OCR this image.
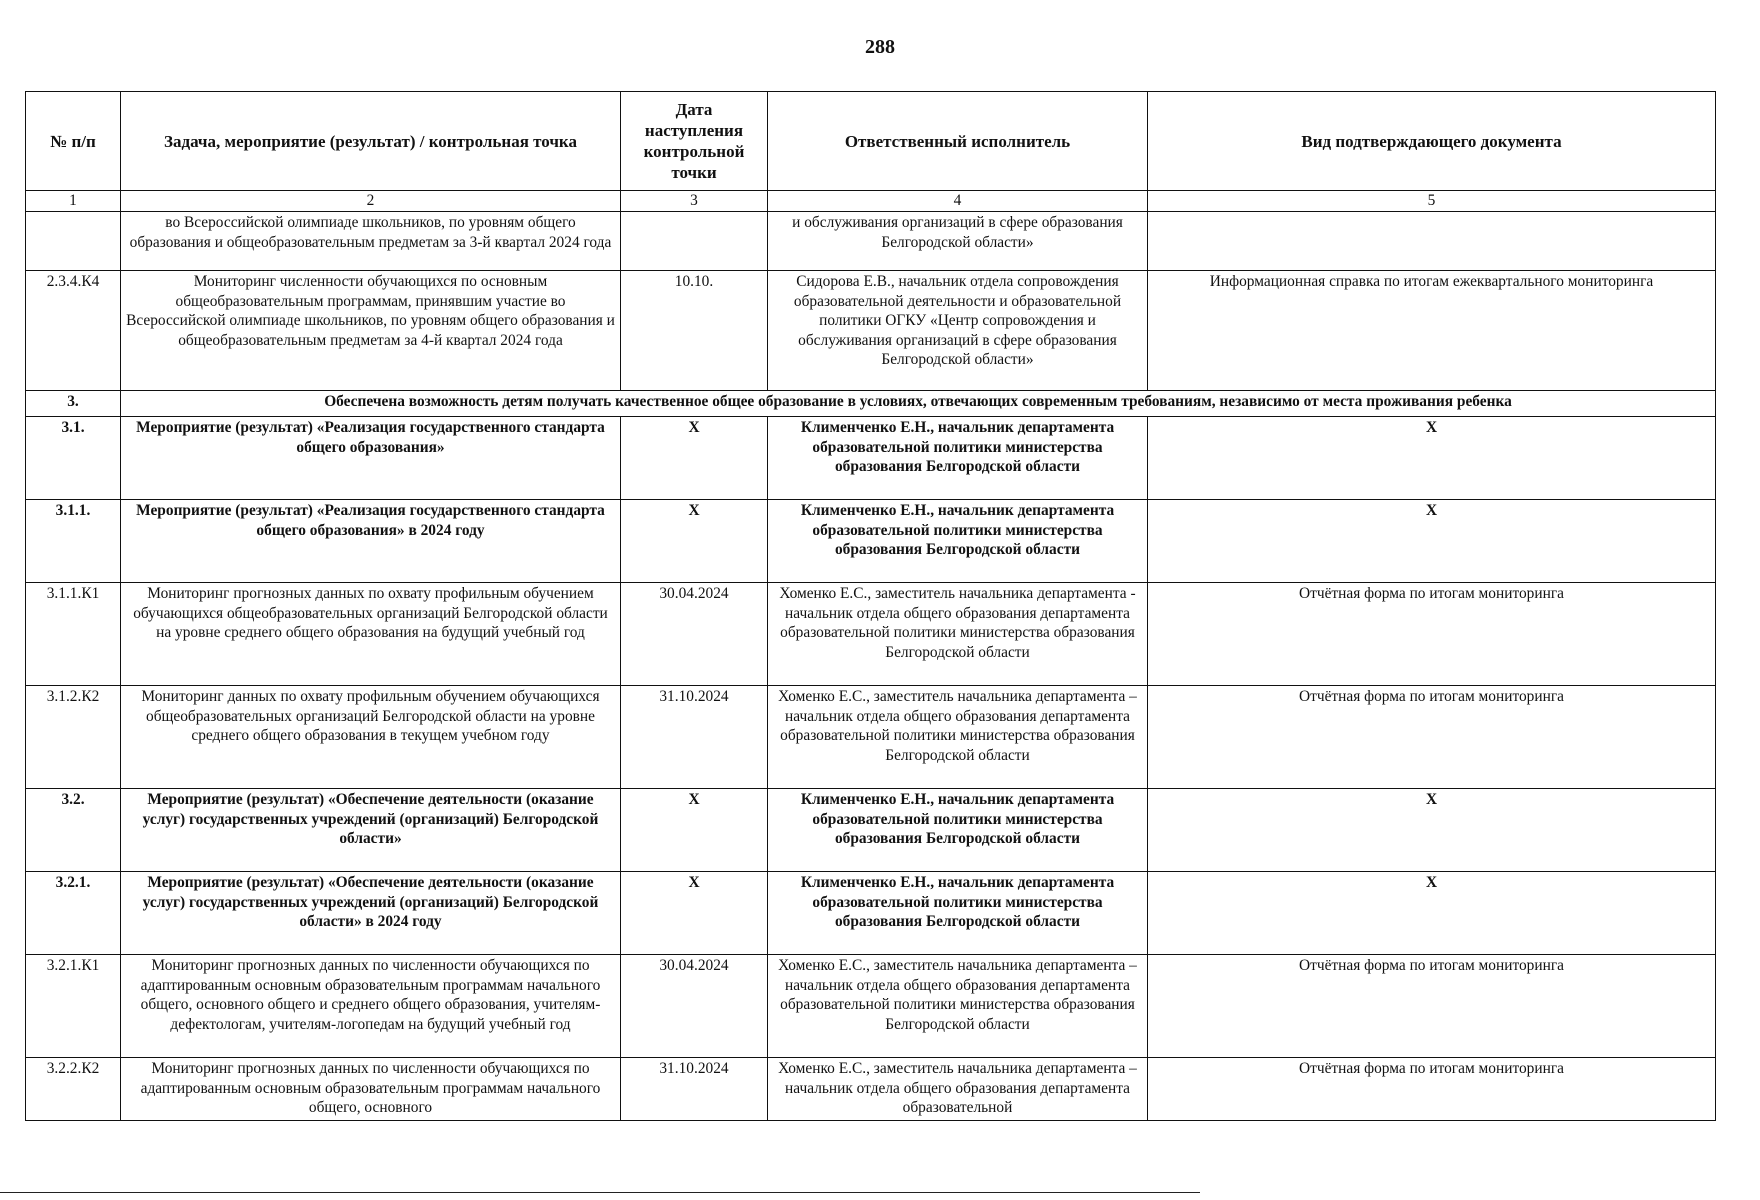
288
№ п/п	Задача, мероприятие (результат) / контрольная точка	Дата наступления контрольной точки	Ответственный исполнитель	Вид подтверждающего документа
1	2	3	4	5
	во Всероссийской олимпиаде школьников, по уровням общего образования и общеобразовательным предметам за 3-й квартал 2024 года		и обслуживания организаций в сфере образования Белгородской области»	
2.3.4.К4	Мониторинг численности обучающихся по основным общеобразовательным программам, принявшим участие во Всероссийской олимпиаде школьников, по уровням общего образования и общеобразовательным предметам за 4-й квартал 2024 года	10.10.	Сидорова Е.В., начальник отдела сопровождения образовательной деятельности и образовательной политики ОГКУ «Центр сопровождения и обслуживания организаций в сфере образования Белгородской области»	Информационная справка по итогам ежеквартального мониторинга
3.	Обеспечена возможность детям получать качественное общее образование в условиях, отвечающих современным требованиям, независимо от места проживания ребенка			
3.1.	Мероприятие (результат) «Реализация государственного стандарта общего образования»	X	Клименченко Е.Н., начальник департамента образовательной политики министерства образования Белгородской области	X
3.1.1.	Мероприятие (результат) «Реализация государственного стандарта общего образования» в 2024 году	X	Клименченко Е.Н., начальник департамента образовательной политики министерства образования Белгородской области	X
3.1.1.К1	Мониторинг прогнозных данных по охвату профильным обучением обучающихся общеобразовательных организаций Белгородской области на уровне среднего общего образования на будущий учебный год	30.04.2024	Хоменко Е.С., заместитель начальника департамента - начальник отдела общего образования департамента образовательной политики министерства образования Белгородской области	Отчётная форма по итогам мониторинга
3.1.2.К2	Мониторинг данных по охвату профильным обучением обучающихся общеобразовательных организаций Белгородской области на уровне среднего общего образования в текущем учебном году	31.10.2024	Хоменко Е.С., заместитель начальника департамента – начальник отдела общего образования департамента образовательной политики министерства образования Белгородской области	Отчётная форма по итогам мониторинга
3.2.	Мероприятие (результат) «Обеспечение деятельности (оказание услуг) государственных учреждений (организаций) Белгородской области»	X	Клименченко Е.Н., начальник департамента образовательной политики министерства образования Белгородской области	X
3.2.1.	Мероприятие (результат) «Обеспечение деятельности (оказание услуг) государственных учреждений (организаций) Белгородской области» в 2024 году	X	Клименченко Е.Н., начальник департамента образовательной политики министерства образования Белгородской области	X
3.2.1.К1	Мониторинг прогнозных данных по численности обучающихся по адаптированным основным образовательным программам начального общего, основного общего и среднего общего образования, учителям-дефектологам, учителям-логопедам на будущий учебный год	30.04.2024	Хоменко Е.С., заместитель начальника департамента – начальник отдела общего образования департамента образовательной политики министерства образования Белгородской области	Отчётная форма по итогам мониторинга
3.2.2.К2	Мониторинг прогнозных данных по численности обучающихся по адаптированным основным образовательным программам начального общего, основного	31.10.2024	Хоменко Е.С., заместитель начальника департамента – начальник отдела общего образования департамента образовательной	Отчётная форма по итогам мониторинга
